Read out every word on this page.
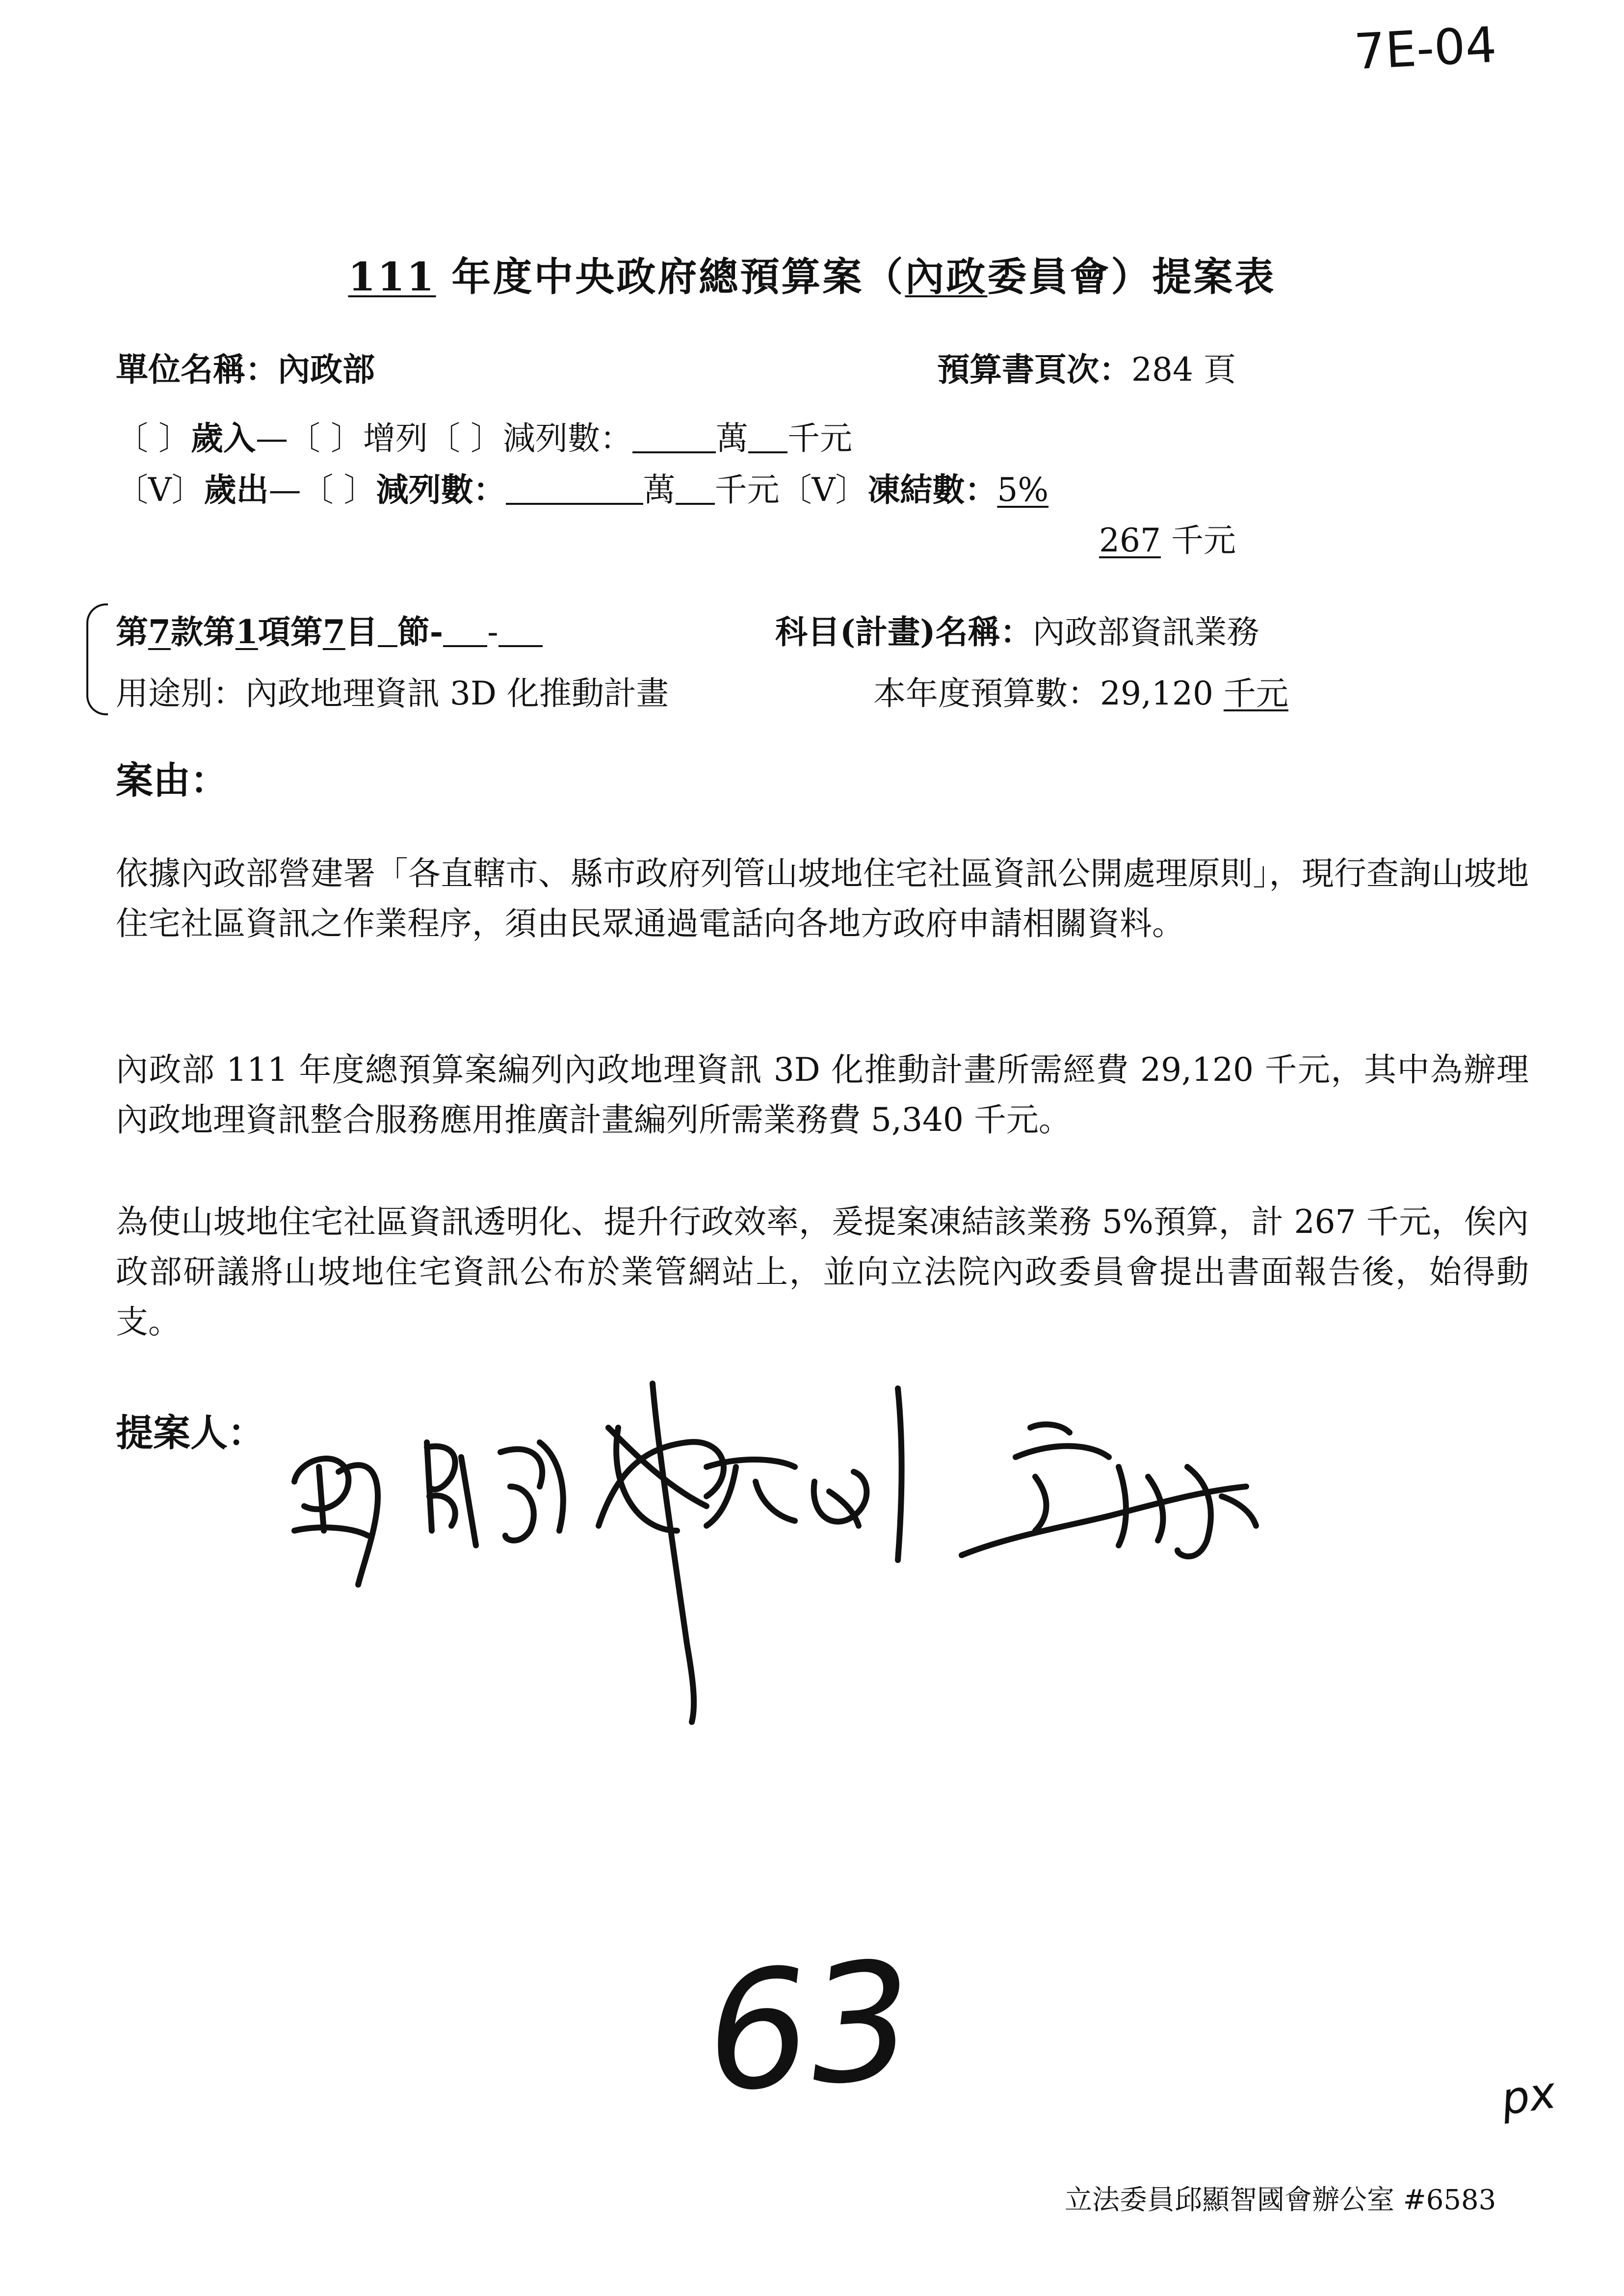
7E-04
111 年度中央政府總預算案（內政委員會）提案表
單位名稱：內政部	預算書頁次：284 頁
〔 〕歲入—〔 〕增列〔 〕減列數：	萬 千元
〔V〕歲出—〔 〕減列數：	萬 千元〔V〕凍結數：5%
267 千元
第7款第1項第7目 節- -	科目(計畫)名稱：內政部資訊業務
用途別：內政地理資訊 3D 化推動計畫	本年度預算數：29,120 千元
案由：
依據內政部營建署「各直轄市、縣市政府列管山坡地住宅社區資訊公開處理原則」，現行查詢山坡地住宅社區資訊之作業程序，須由民眾通過電話向各地方政府申請相關資料。
內政部 111 年度總預算案編列內政地理資訊 3D 化推動計畫所需經費 29,120 千元，其中為辦理內政地理資訊整合服務應用推廣計畫編列所需業務費 5,340 千元。
為使山坡地住宅社區資訊透明化、提升行政效率，爰提案凍結該業務 5%預算，計 267 千元，俟內政部研議將山坡地住宅資訊公布於業管網站上，並向立法院內政委員會提出書面報告後，始得動支。
提案人：
63	px
立法委員邱顯智國會辦公室 #6583
